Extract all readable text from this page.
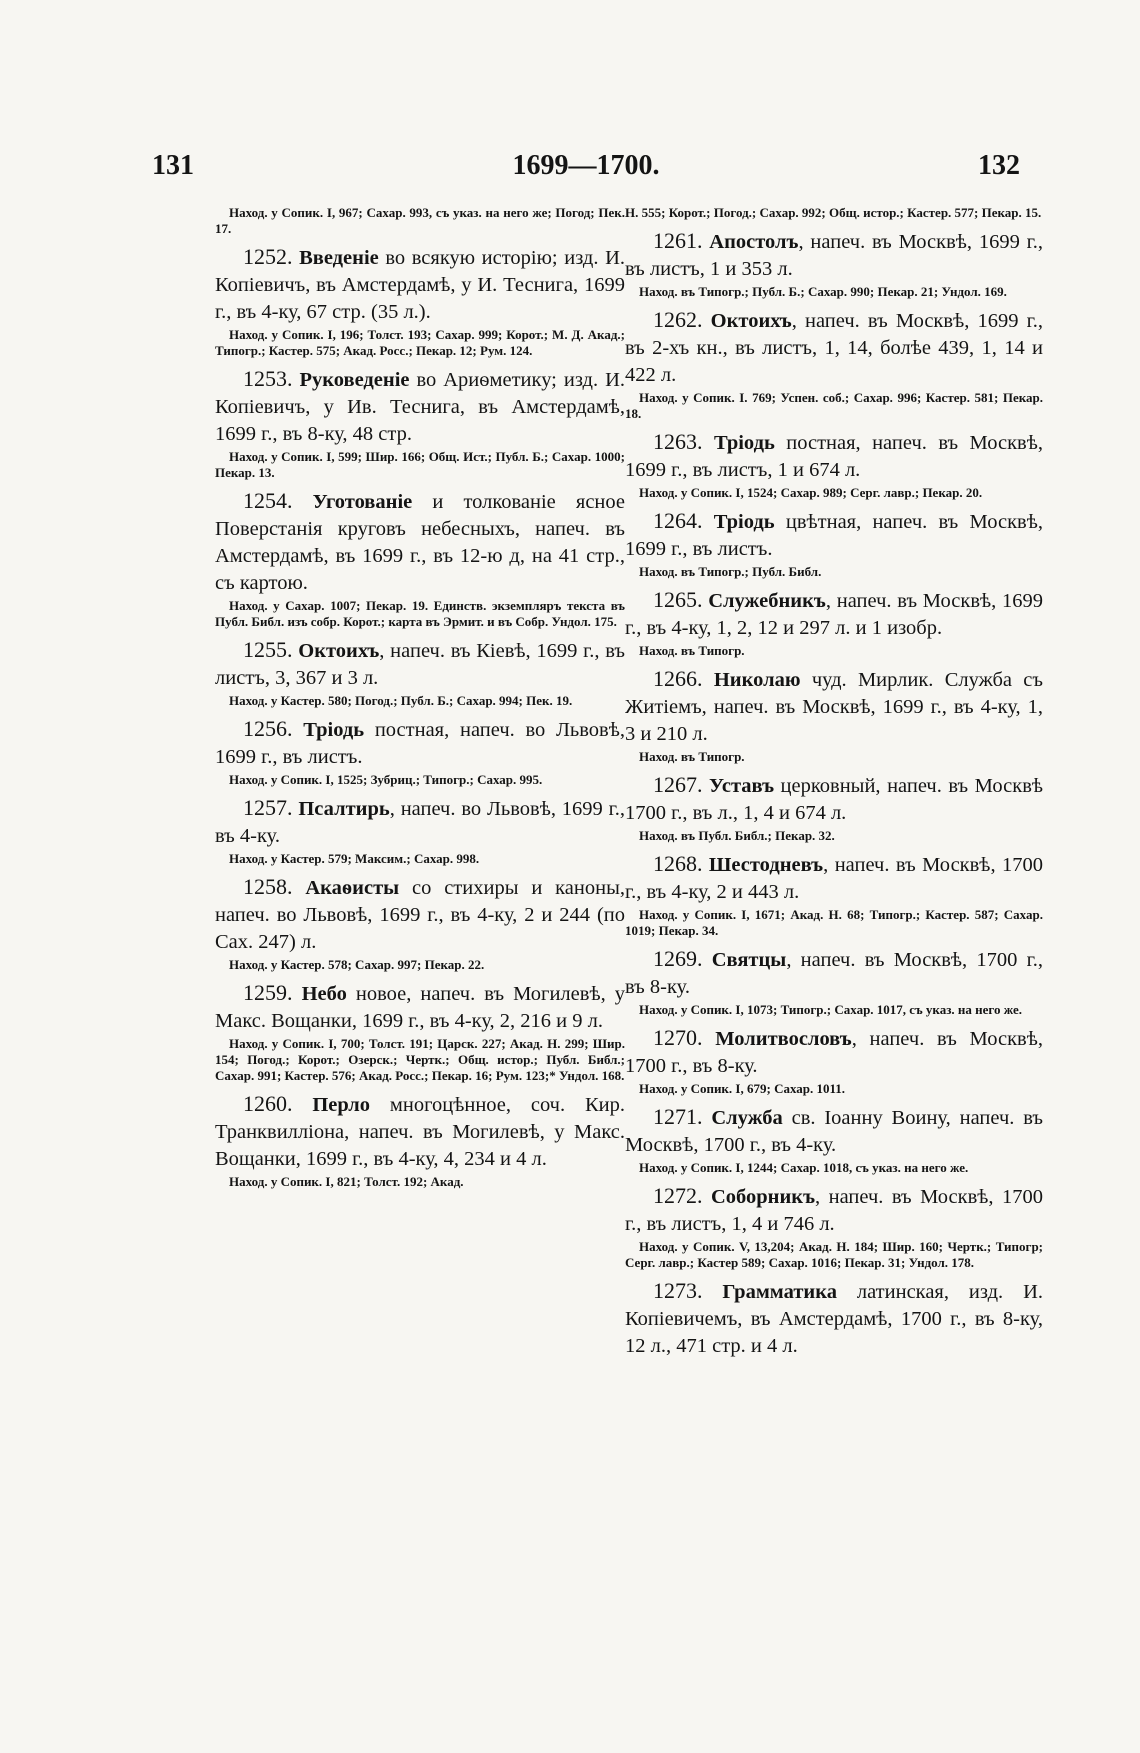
131	1699—1700.	132

Наход. у Сопик. I, 967; Сахар. 993, съ указ. на него же; Погод; Пек. 17.

1252. Введеніе во всякую исторію; изд. И. Копіевичъ, въ Амстердамѣ, у И. Теснига, 1699 г., въ 4-ку, 67 стр. (35 л.).

Наход. у Сопик. I, 196; Толст. 193; Сахар. 999; Корот.; М. Д. Акад.; Типогр.; Кастер. 575; Акад. Росс.; Пекар. 12; Рум. 124.

1253. Руковеденіе во Ариѳметику; изд. И. Копіевичъ, у Ив. Теснига, въ Амстердамѣ, 1699 г., въ 8-ку, 48 стр.

Наход. у Сопик. I, 599; Шир. 166; Общ. Ист.; Публ. Б.; Сахар. 1000; Пекар. 13.

1254. Уготованіе и толкованіе ясное Поверстанія круговъ небесныхъ, напеч. въ Амстердамѣ, въ 1699 г., въ 12-ю д, на 41 стр., съ картою.

Наход. у Сахар. 1007; Пекар. 19. Единств. экземпляръ текста въ Публ. Библ. изъ собр. Корот.; карта въ Эрмит. и въ Собр. Ундол. 175.

1255. Октоихъ, напеч. въ Кіевѣ, 1699 г., въ листъ, 3, 367 и 3 л.

Наход. у Кастер. 580; Погод.; Публ. Б.; Сахар. 994; Пек. 19.

1256. Тріодь постная, напеч. во Львовѣ, 1699 г., въ листъ.

Наход. у Сопик. I, 1525; Зубриц.; Типогр.; Сахар. 995.

1257. Псалтирь, напеч. во Львовѣ, 1699 г., въ 4-ку.

Наход. у Кастер. 579; Максим.; Сахар. 998.

1258. Акаѳисты со стихиры и каноны, напеч. во Львовѣ, 1699 г., въ 4-ку, 2 и 244 (по Сах. 247) л.

Наход. у Кастер. 578; Сахар. 997; Пекар. 22.

1259. Небо новое, напеч. въ Могилевѣ, у Макс. Вощанки, 1699 г., въ 4-ку, 2, 216 и 9 л.

Наход. у Сопик. I, 700; Толст. 191; Царск. 227; Акад. Н. 299; Шир. 154; Погод.; Корот.; Озерск.; Чертк.; Общ. истор.; Публ. Библ.; Сахар. 991; Кастер. 576; Акад. Росс.; Пекар. 16; Рум. 123;* Ундол. 168.

1260. Перло многоцѣнное, соч. Кир. Транквилліона, напеч. въ Могилевѣ, у Макс. Вощанки, 1699 г., въ 4-ку, 4, 234 и 4 л.

Наход. у Сопик. I, 821; Толст. 192; Акад.

Н. 555; Корот.; Погод.; Сахар. 992; Общ. истор.; Кастер. 577; Пекар. 15.

1261. Апостолъ, напеч. въ Москвѣ, 1699 г., въ листъ, 1 и 353 л.

Наход. въ Типогр.; Публ. Б.; Сахар. 990; Пекар. 21; Ундол. 169.

1262. Октоихъ, напеч. въ Москвѣ, 1699 г., въ 2-хъ кн., въ листъ, 1, 14, болѣе 439, 1, 14 и 422 л.

Наход. у Сопик. I. 769; Успен. соб.; Сахар. 996; Кастер. 581; Пекар. 18.

1263. Тріодь постная, напеч. въ Москвѣ, 1699 г., въ листъ, 1 и 674 л.

Наход. у Сопик. I, 1524; Сахар. 989; Серг. лавр.; Пекар. 20.

1264. Тріодь цвѣтная, напеч. въ Москвѣ, 1699 г., въ листъ.

Наход. въ Типогр.; Публ. Библ.

1265. Служебникъ, напеч. въ Москвѣ, 1699 г., въ 4-ку, 1, 2, 12 и 297 л. и 1 изобр.

Наход. въ Типогр.

1266. Николаю чуд. Мирлик. Служба съ Житіемъ, напеч. въ Москвѣ, 1699 г., въ 4-ку, 1, 3 и 210 л.

Наход. въ Типогр.

1267. Уставъ церковный, напеч. въ Москвѣ 1700 г., въ л., 1, 4 и 674 л.

Наход. въ Публ. Библ.; Пекар. 32.

1268. Шестодневъ, напеч. въ Москвѣ, 1700 г., въ 4-ку, 2 и 443 л.

Наход. у Сопик. I, 1671; Акад. Н. 68; Типогр.; Кастер. 587; Сахар. 1019; Пекар. 34.

1269. Святцы, напеч. въ Москвѣ, 1700 г., въ 8-ку.

Наход. у Сопик. I, 1073; Типогр.; Сахар. 1017, съ указ. на него же.

1270. Молитвословъ, напеч. въ Москвѣ, 1700 г., въ 8-ку.

Наход. у Сопик. I, 679; Сахар. 1011.

1271. Служба св. Іоанну Воину, напеч. въ Москвѣ, 1700 г., въ 4-ку.

Наход. у Сопик. I, 1244; Сахар. 1018, съ указ. на него же.

1272. Соборникъ, напеч. въ Москвѣ, 1700 г., въ листъ, 1, 4 и 746 л.

Наход. у Сопик. V, 13,204; Акад. Н. 184; Шир. 160; Чертк.; Типогр; Серг. лавр.; Кастер 589; Сахар. 1016; Пекар. 31; Ундол. 178.

1273. Грамматика латинская, изд. И. Копіевичемъ, въ Амстердамѣ, 1700 г., въ 8-ку, 12 л., 471 стр. и 4 л.
